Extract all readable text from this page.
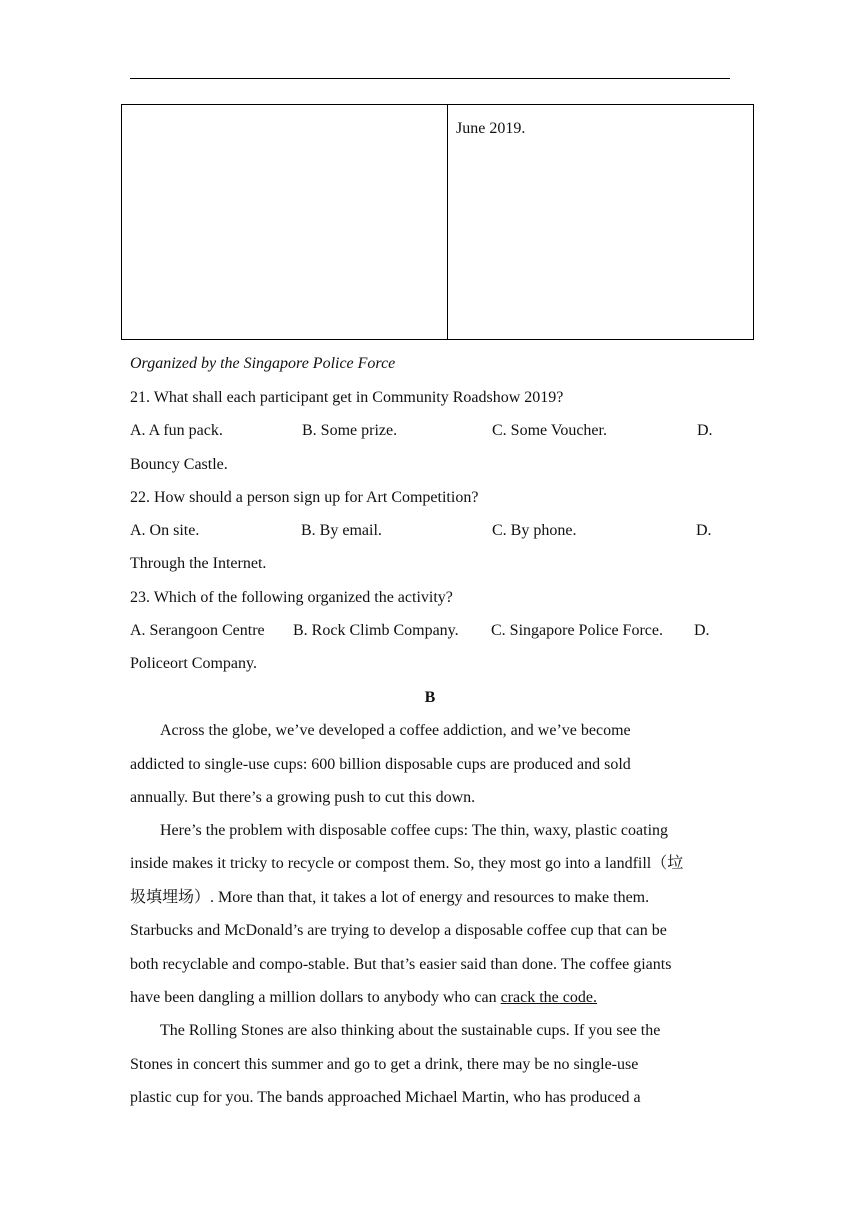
June 2019.
Organized by the Singapore Police Force
21. What shall each participant get in Community Roadshow 2019?
A. A fun pack.	B. Some prize.	C. Some Voucher.	D.
Bouncy Castle.
22. How should a person sign up for Art Competition?
A. On site.	B. By email.	C. By phone.	D.
Through the Internet.
23. Which of the following organized the activity?
A. Serangoon Centre B. Rock Climb Company. C. Singapore Police Force. D.
Policeort Company.
B
Across the globe, we’ve developed a coffee addiction, and we’ve become
addicted to single-use cups: 600 billion disposable cups are produced and sold
annually. But there’s a growing push to cut this down.
Here’s the problem with disposable coffee cups: The thin, waxy, plastic coating
inside makes it tricky to recycle or compost them. So, they most go into a landfill（垃
圾填埋场）. More than that, it takes a lot of energy and resources to make them.
Starbucks and McDonald’s are trying to develop a disposable coffee cup that can be
both recyclable and compo-stable. But that’s easier said than done. The coffee giants
have been dangling a million dollars to anybody who can crack the code.
The Rolling Stones are also thinking about the sustainable cups. If you see the
Stones in concert this summer and go to get a drink, there may be no single-use
plastic cup for you. The bands approached Michael Martin, who has produced a
